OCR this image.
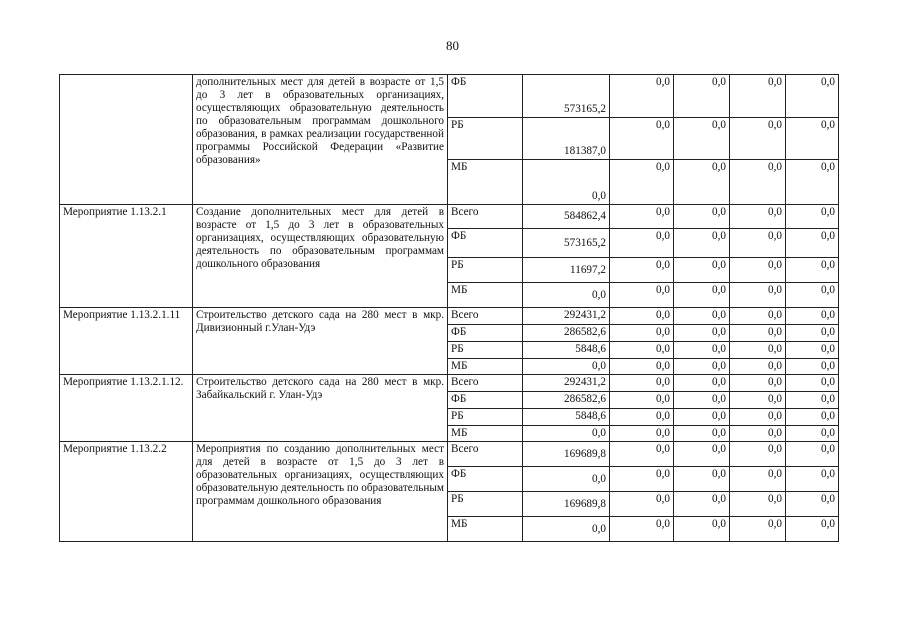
80
	дополнительных мест для детей в возрасте от 1,5 до 3 лет в образовательных организациях, осуществляющих образовательную деятельность по образовательным программам дошкольного образования, в рамках реализации государственной программы Российской Федерации «Развитие образования»	ФБ	573165,2	0,0	0,0	0,0	0,0
		РБ	181387,0	0,0	0,0	0,0	0,0
		МБ	0,0	0,0	0,0	0,0	0,0
Мероприятие 1.13.2.1	Создание дополнительных мест для детей в возрасте от 1,5 до 3 лет в образовательных организациях, осуществляющих образовательную деятельность по образовательным программам дошкольного образования	Всего	584862,4	0,0	0,0	0,0	0,0
		ФБ	573165,2	0,0	0,0	0,0	0,0
		РБ	11697,2	0,0	0,0	0,0	0,0
		МБ	0,0	0,0	0,0	0,0	0,0
Мероприятие 1.13.2.1.11	Строительство детского сада на 280 мест в мкр. Дивизионный г.Улан-Удэ	Всего	292431,2	0,0	0,0	0,0	0,0
		ФБ	286582,6	0,0	0,0	0,0	0,0
		РБ	5848,6	0,0	0,0	0,0	0,0
		МБ	0,0	0,0	0,0	0,0	0,0
Мероприятие 1.13.2.1.12.	Строительство детского сада на 280 мест в мкр. Забайкальский г. Улан-Удэ	Всего	292431,2	0,0	0,0	0,0	0,0
		ФБ	286582,6	0,0	0,0	0,0	0,0
		РБ	5848,6	0,0	0,0	0,0	0,0
		МБ	0,0	0,0	0,0	0,0	0,0
Мероприятие 1.13.2.2	Мероприятия по созданию дополнительных мест для детей в возрасте от 1,5 до 3 лет в образовательных организациях, осуществляющих образовательную деятельность по образовательным программам дошкольного образования	Всего	169689,8	0,0	0,0	0,0	0,0
		ФБ	0,0	0,0	0,0	0,0	0,0
		РБ	169689,8	0,0	0,0	0,0	0,0
		МБ	0,0	0,0	0,0	0,0	0,0
